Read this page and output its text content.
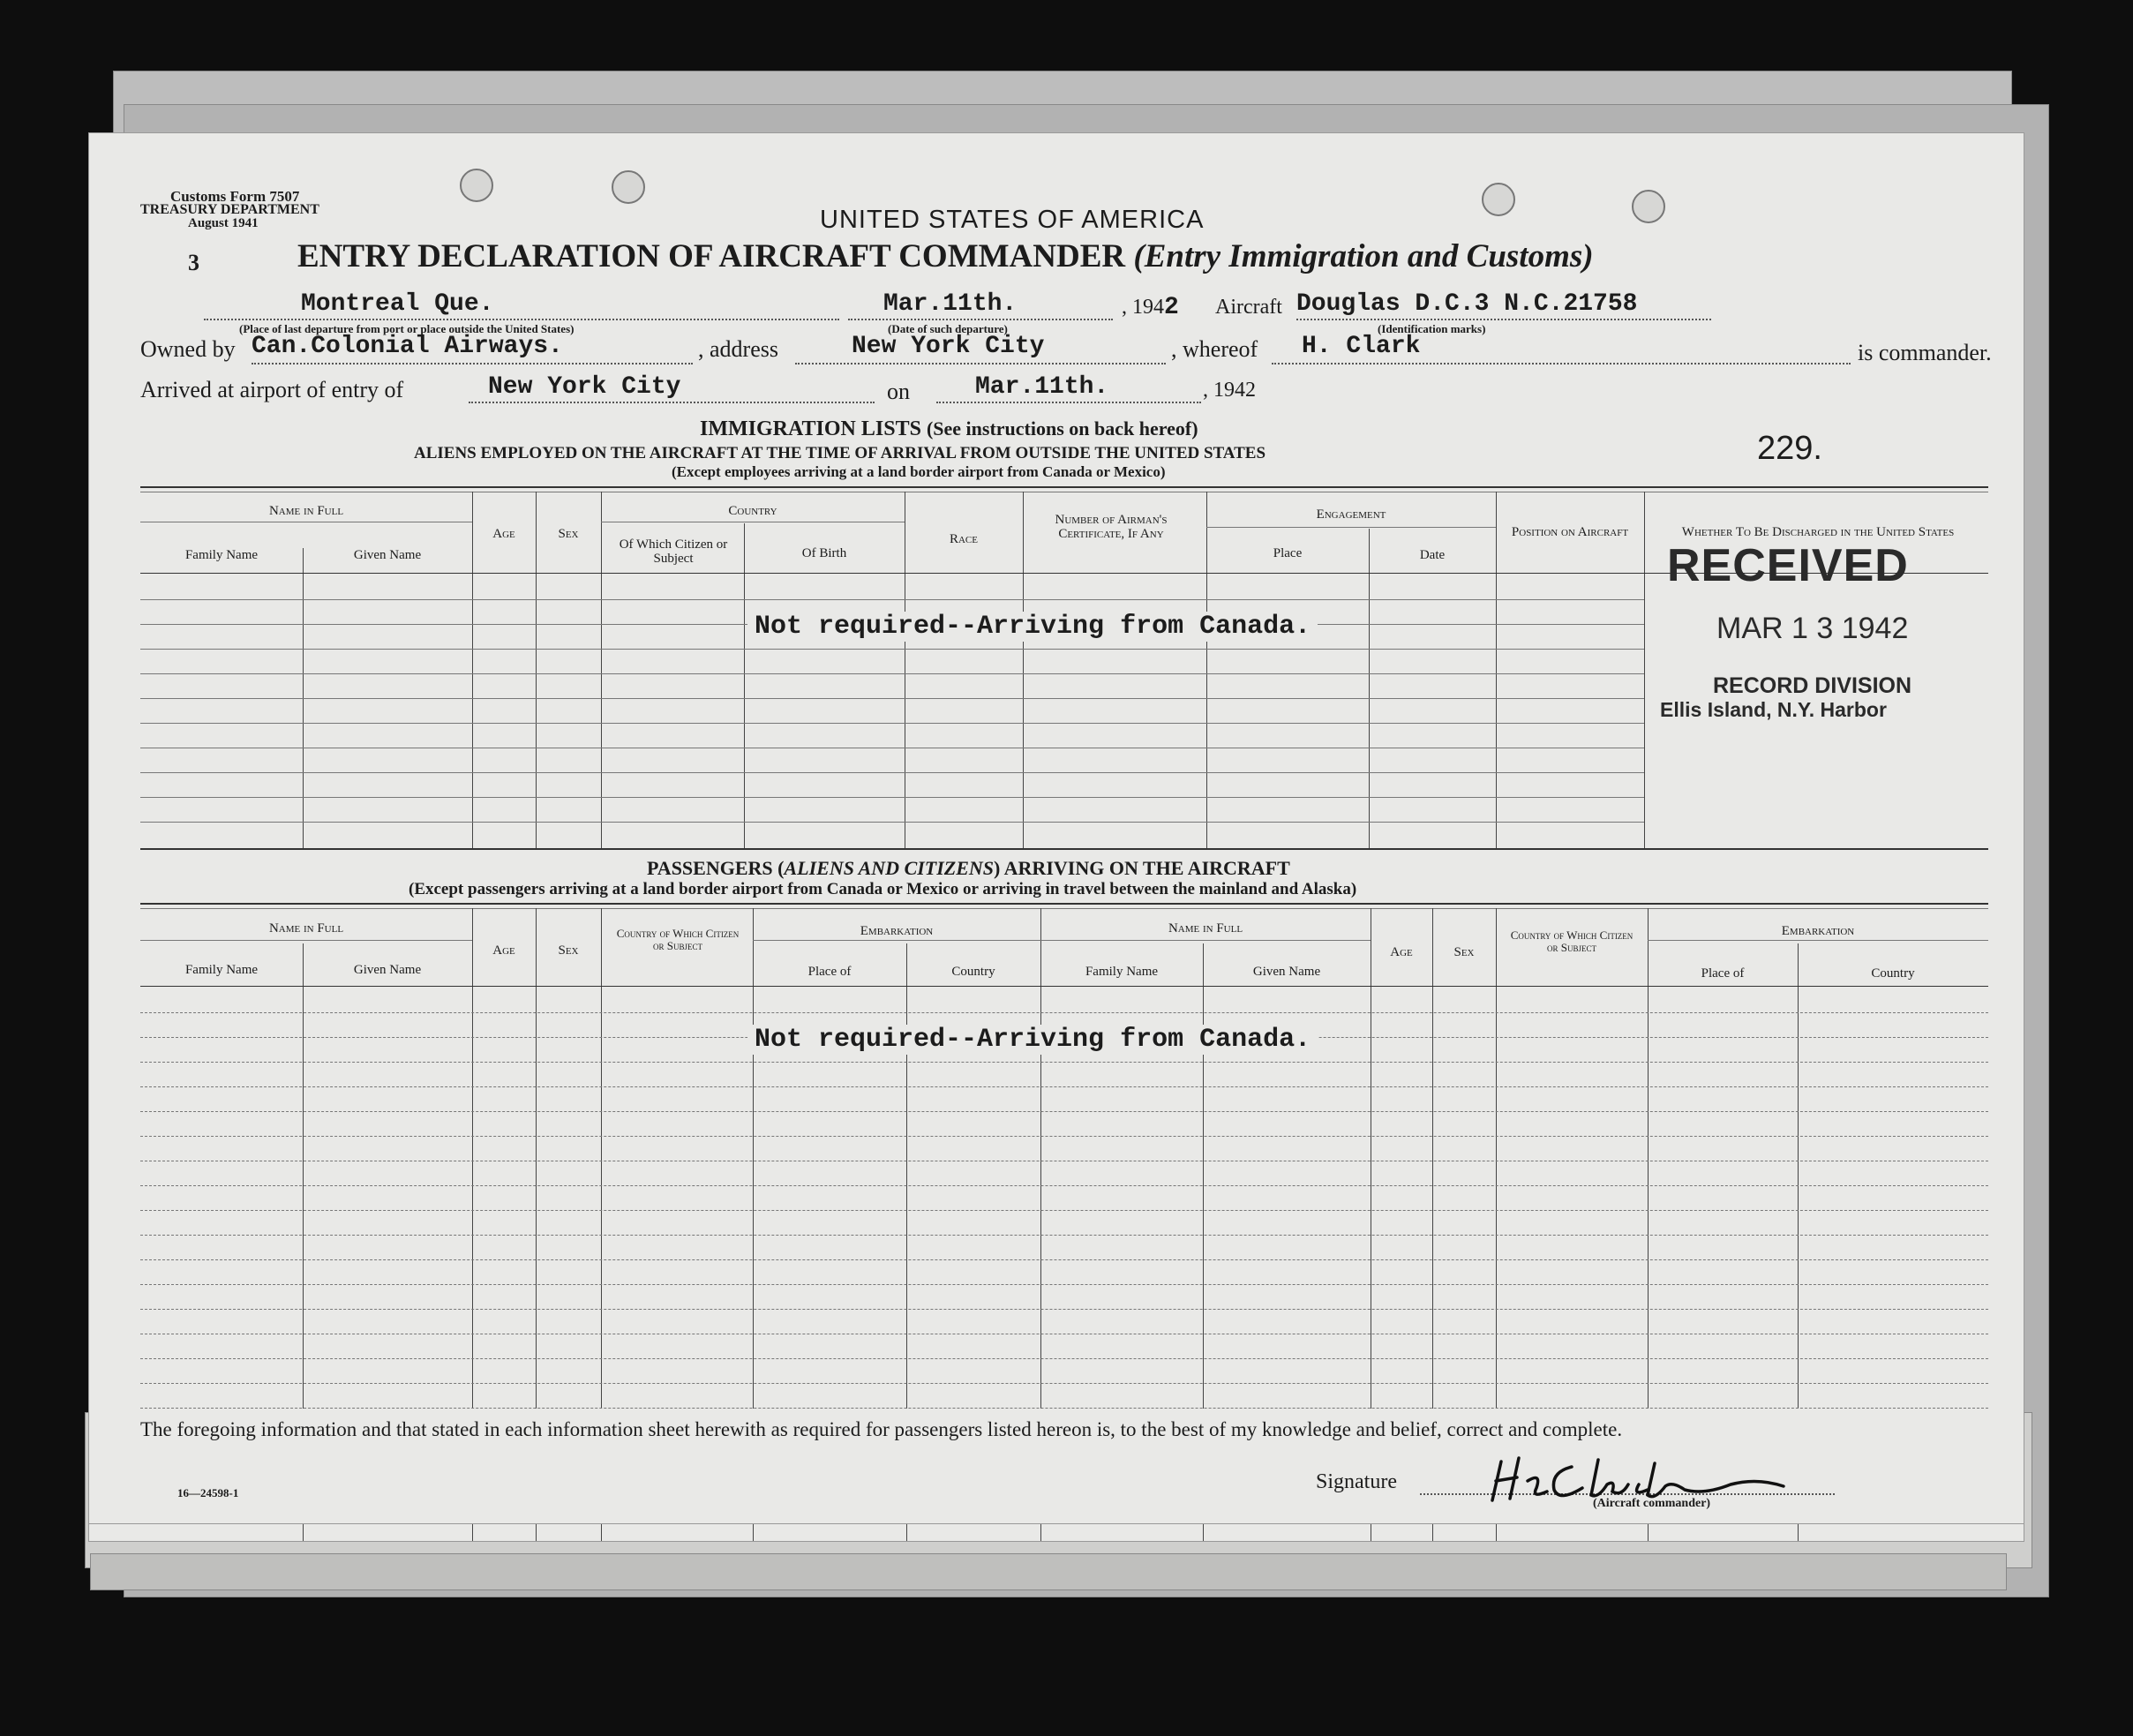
Customs Form 7507
TREASURY DEPARTMENT
August 1941
3
UNITED STATES OF AMERICA
ENTRY DECLARATION OF AIRCRAFT COMMANDER (Entry Immigration and Customs)
Montreal Que.
(Place of last departure from port or place outside the United States)
Mar.11th.
(Date of such departure)
, 1942 Aircraft Douglas D.C.3 N.C.21758
(Identification marks)
Owned by Can.Colonial Airways.	, address	New York City	, whereof H. Clark	is commander.
Arrived at airport of entry of	New York City	on	Mar.11th.	, 1942
IMMIGRATION LISTS (See instructions on back hereof)
ALIENS EMPLOYED ON THE AIRCRAFT AT THE TIME OF ARRIVAL FROM OUTSIDE THE UNITED STATES
(Except employees arriving at a land border airport from Canada or Mexico)
229.
Name in Full
Family Name	Given Name
Age	Sex
Country
Of Which Citizen or Subject	Of Birth
Race
Number of Airman's Certificate, If Any
Engagement
Place	Date
Position on Aircraft	Whether To Be Discharged in the United States
Not required--Arriving from Canada.
RECEIVED
MAR 1 3 1942
RECORD DIVISION
Ellis Island, N.Y. Harbor
PASSENGERS (ALIENS AND CITIZENS) ARRIVING ON THE AIRCRAFT
(Except passengers arriving at a land border airport from Canada or Mexico or arriving in travel between the mainland and Alaska)
Name in Full
Family Name	Given Name
Age	Sex
Country of Which Citizen or Subject
Embarkation
Place of	Country
Name in Full
Family Name	Given Name
Age	Sex
Country of Which Citizen or Subject
Embarkation
Place of	Country
Not required--Arriving from Canada.
The foregoing information and that stated in each information sheet herewith as required for passengers listed hereon is, to the best of my knowledge and belief, correct and complete.
16—24598-1	Signature
(Aircraft commander)
